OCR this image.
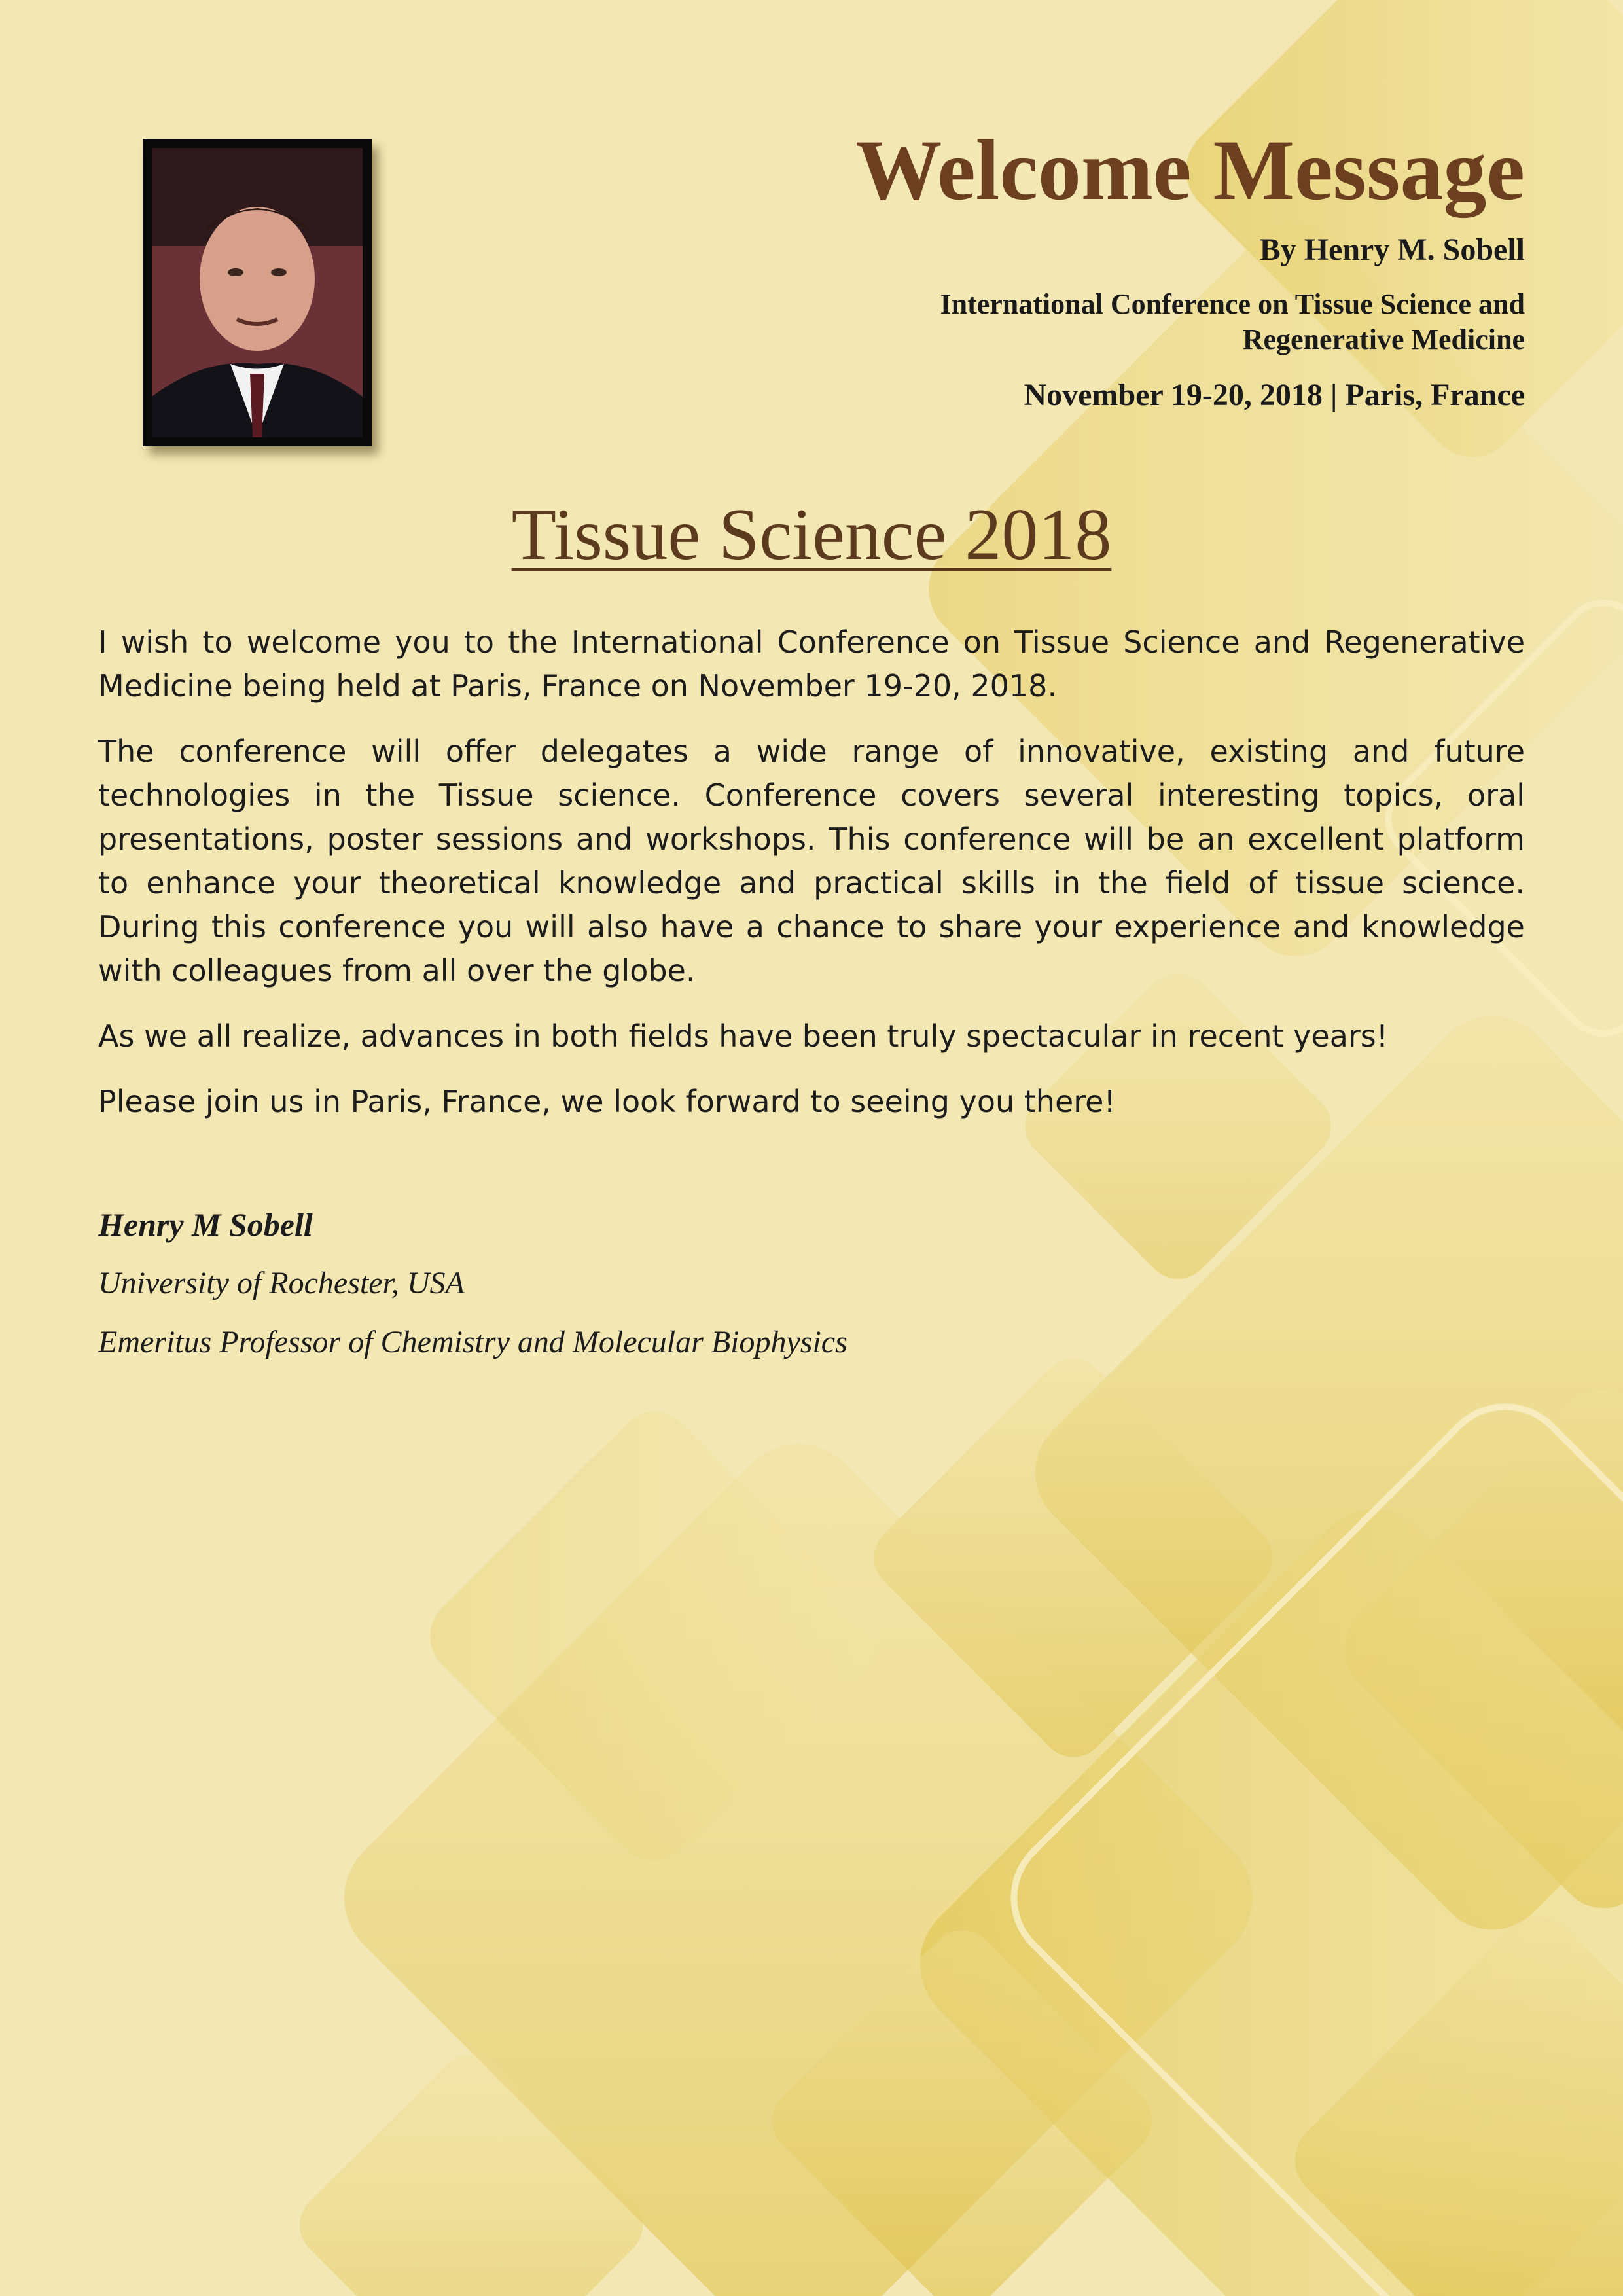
Welcome Message
By Henry M. Sobell
International Conference on Tissue Science and
Regenerative Medicine
November 19-20, 2018 | Paris, France
Tissue Science 2018

I wish to welcome you to the International Conference on Tissue Science and Regenerative Medicine being held at Paris, France on November 19-20, 2018.

The conference will offer delegates a wide range of innovative, existing and future technologies in the Tissue science. Conference covers several interesting topics, oral presentations, poster sessions and workshops. This conference will be an excellent platform to enhance your theoretical knowledge and practical skills in the field of tissue science. During this conference you will also have a chance to share your experience and knowledge with colleagues from all over the globe.

As we all realize, advances in both fields have been truly spectacular in recent years!

Please join us in Paris, France, we look forward to seeing you there!

Henry M Sobell
University of Rochester, USA
Emeritus Professor of Chemistry and Molecular Biophysics
